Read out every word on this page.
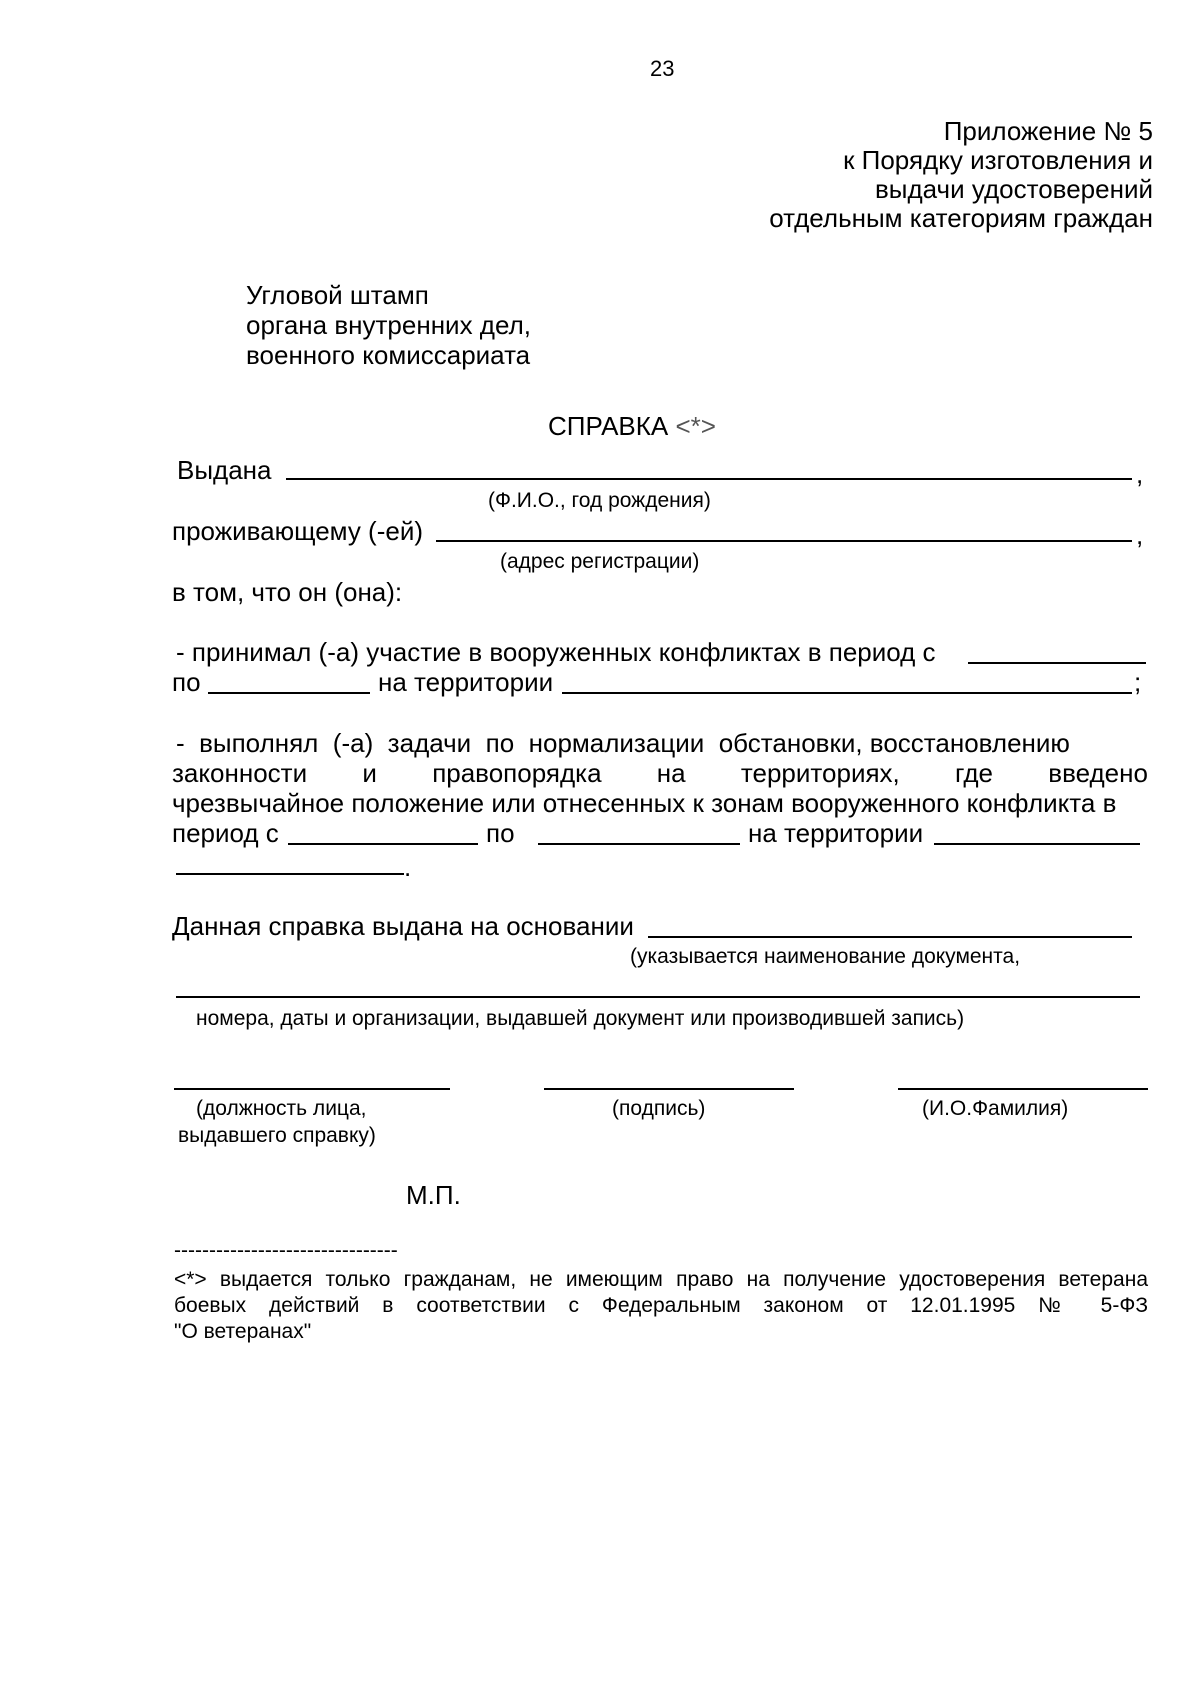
23
Приложение № 5
к Порядку изготовления и
выдачи удостоверений
отдельным категориям граждан
Угловой штамп
органа внутренних дел,
военного комиссариата
СПРАВКА <*>
Выдана	,
(Ф.И.О., год рождения)
проживающему (-ей)	,
(адрес регистрации)
в том, что он (она):
- принимал (-а) участие в вооруженных конфликтах в период с
по	на территории	;
-  выполнял  (-а)  задачи  по  нормализации  обстановки, восстановлению
законности и правопорядка на территориях, где введено
чрезвычайное положение или отнесенных к зонам вооруженного конфликта в
период с	по	на территории
.
Данная справка выдана на основании
(указывается наименование документа,
номера, даты и организации, выдавшей документ или производившей запись)
(должность лица,
выдавшего справку)
(подпись)	(И.О.Фамилия)
М.П.
--------------------------------
<*> выдается только гражданам, не имеющим право на получение удостоверения ветерана
боевых действий в соответствии с Федеральным законом от 12.01.1995 № 5-ФЗ
"О ветеранах"
